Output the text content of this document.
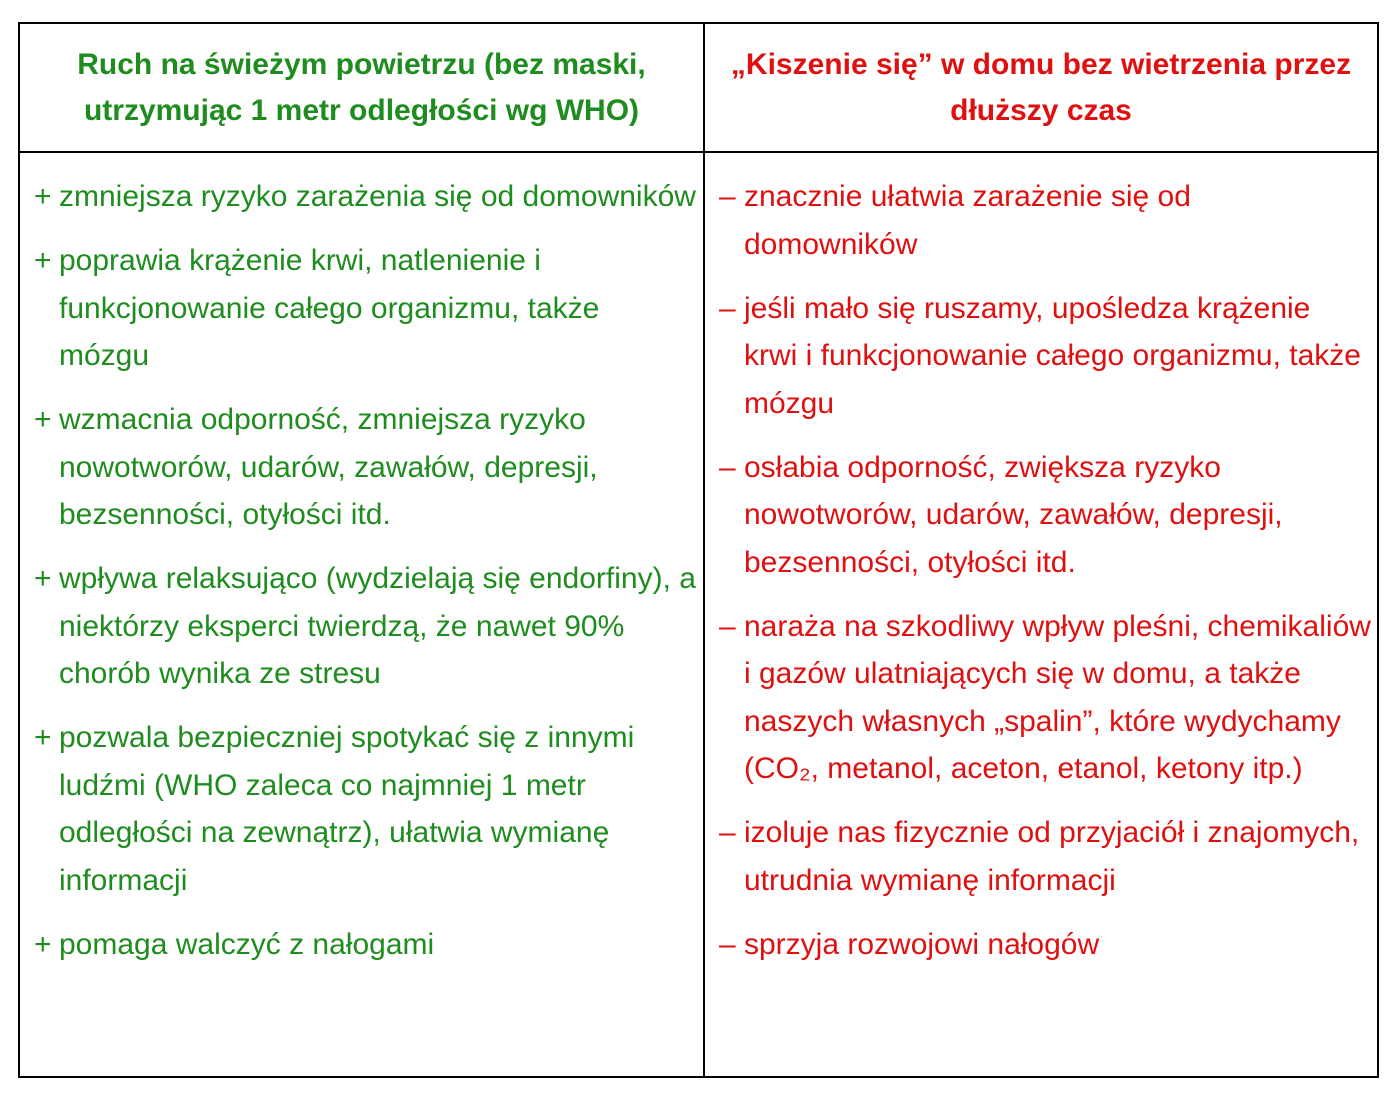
Ruch na świeżym powietrzu (bez maski, utrzymując 1 metr odległości wg WHO)
„Kiszenie się” w domu bez wietrzenia przez dłuższy czas
+ zmniejsza ryzyko zarażenia się od domowników
+ poprawia krążenie krwi, natlenienie i funkcjonowanie całego organizmu, także mózgu
+ wzmacnia odporność, zmniejsza ryzyko nowotworów, udarów, zawałów, depresji, bezsenności, otyłości itd.
+ wpływa relaksująco (wydzielają się endorfiny), a niektórzy eksperci twierdzą, że nawet 90% chorób wynika ze stresu
+ pozwala bezpieczniej spotykać się z innymi ludźmi (WHO zaleca co najmniej 1 metr odległości na zewnątrz), ułatwia wymianę informacji
+ pomaga walczyć z nałogami
– znacznie ułatwia zarażenie się od domowników
– jeśli mało się ruszamy, upośledza krążenie krwi i funkcjonowanie całego organizmu, także mózgu
– osłabia odporność, zwiększa ryzyko nowotworów, udarów, zawałów, depresji, bezsenności, otyłości itd.
– naraża na szkodliwy wpływ pleśni, chemikaliów i gazów ulatniających się w domu, a także naszych własnych „spalin”, które wydychamy (CO₂, metanol, aceton, etanol, ketony itp.)
– izoluje nas fizycznie od przyjaciół i znajomych, utrudnia wymianę informacji
– sprzyja rozwojowi nałogów
